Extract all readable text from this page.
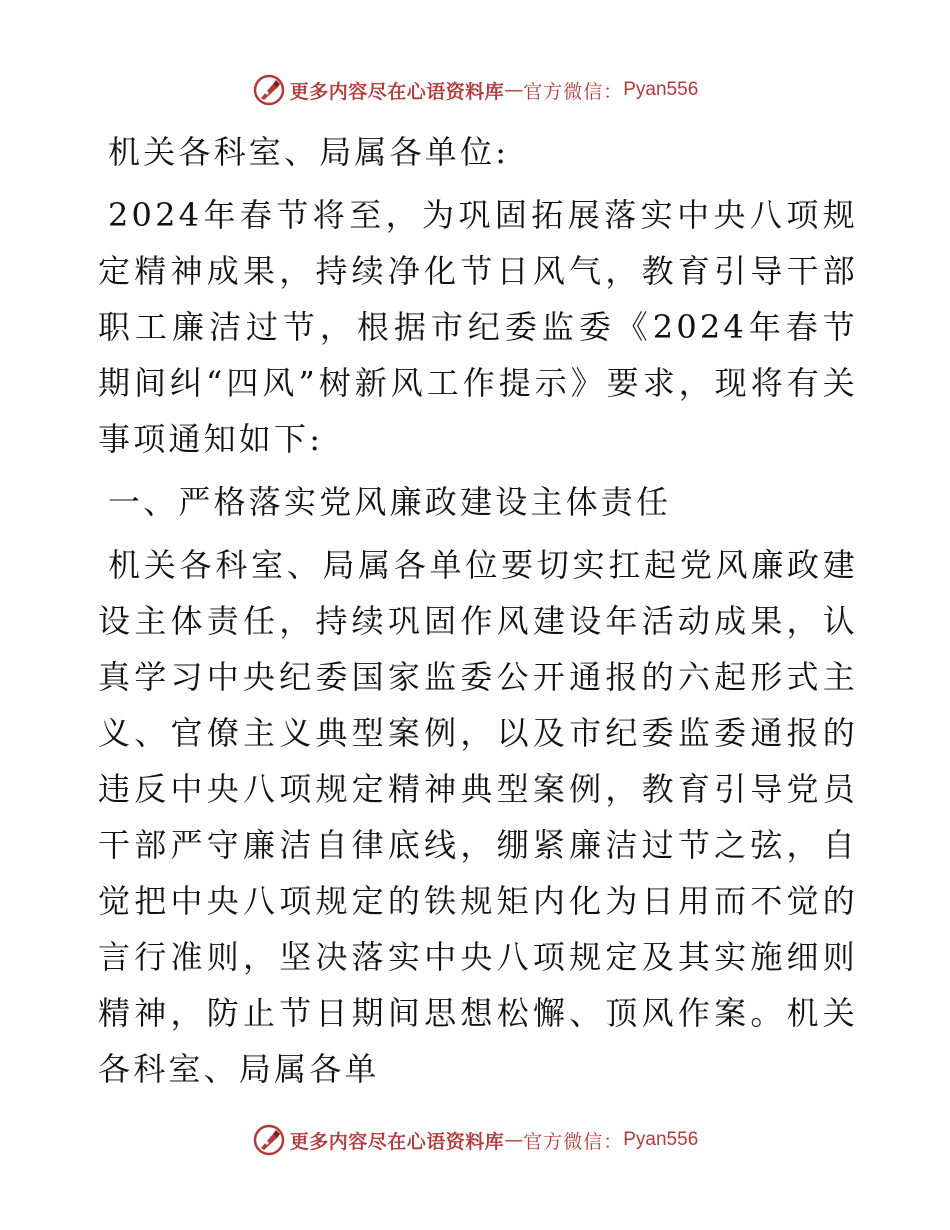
更多内容尽在心语资料库 — 官方微信： Pyan556

机关各科室、局属各单位:

2024年春节将至，为巩固拓展落实中央八项规定精神成果，持续净化节日风气，教育引导干部职工廉洁过节，根据市纪委监委《2024年春节期间纠“四风”树新风工作提示》要求，现将有关事项通知如下:

一、严格落实党风廉政建设主体责任

机关各科室、局属各单位要切实扛起党风廉政建设主体责任，持续巩固作风建设年活动成果，认真学习中央纪委国家监委公开通报的六起形式主义、官僚主义典型案例，以及市纪委监委通报的违反中央八项规定精神典型案例，教育引导党员干部严守廉洁自律底线，绷紧廉洁过节之弦，自觉把中央八项规定的铁规矩内化为日用而不觉的言行准则，坚决落实中央八项规定及其实施细则精神，防止节日期间思想松懈、顶风作案。机关各科室、局属各单

更多内容尽在心语资料库 — 官方微信： Pyan556
